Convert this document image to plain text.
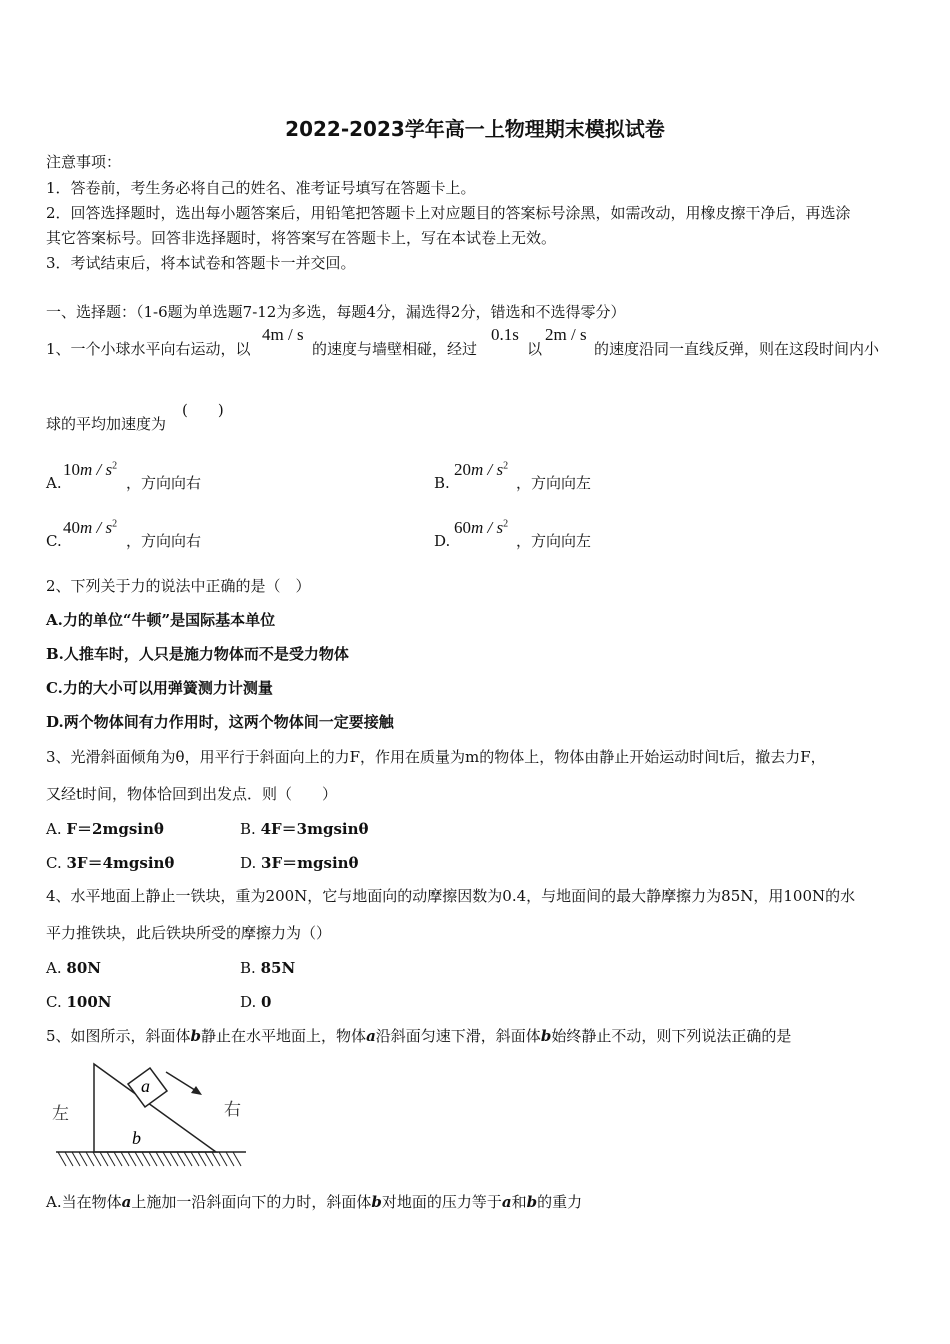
2022-2023学年高一上物理期末模拟试卷
注意事项：
1．答卷前，考生务必将自己的姓名、准考证号填写在答题卡上。
2．回答选择题时，选出每小题答案后，用铅笔把答题卡上对应题目的答案标号涂黑，如需改动，用橡皮擦干净后，再选涂
其它答案标号。回答非选择题时，将答案写在答题卡上，写在本试卷上无效。
3．考试结束后，将本试卷和答题卡一并交回。
一、选择题：（1-6题为单选题7-12为多选，每题4分，漏选得2分，错选和不选得零分）
1、一个小球水平向右运动，以
4m / s
的速度与墙壁相碰，经过
0.1s
以
2m / s
的速度沿同一直线反弹，则在这段时间内小
球的平均加速度为
(　　)
A.
$10m / s^2$
，方向向右	B.
$20m / s^2$
，方向向左
C.
$40m / s^2$
，方向向右	D.
$60m / s^2$
，方向向左
2、下列关于力的说法中正确的是（　）
A.力的单位“牛顿”是国际基本单位
B.人推车时，人只是施力物体而不是受力物体
C.力的大小可以用弹簧测力计测量
D.两个物体间有力作用时，这两个物体间一定要接触
3、光滑斜面倾角为θ，用平行于斜面向上的力F，作用在质量为m的物体上，物体由静止开始运动时间t后，撤去力F，
又经t时间，物体恰回到出发点．则（　　）
A. F＝2mgsinθ	B. 4F＝3mgsinθ
C. 3F＝4mgsinθ	D. 3F＝mgsinθ
4、水平地面上静止一铁块，重为200N，它与地面向的动摩擦因数为0.4，与地面间的最大静摩擦力为85N，用100N的水
平力推铁块，此后铁块所受的摩擦力为（）
A. 80N	B. 85N
C. 100N	D. 0
5、如图所示，斜面体b静止在水平地面上，物体a沿斜面匀速下滑，斜面体b始终静止不动，则下列说法正确的是
a
b
左	右
A.当在物体a上施加一沿斜面向下的力时，斜面体b对地面的压力等于a和b的重力
